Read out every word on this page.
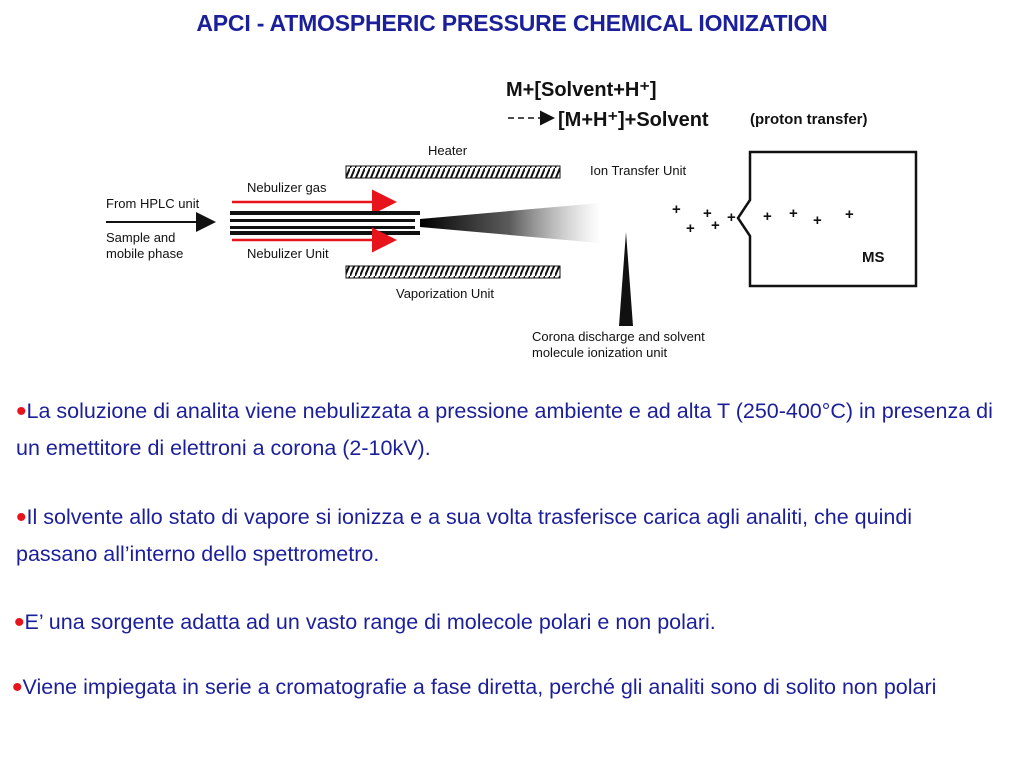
APCI - ATMOSPHERIC PRESSURE CHEMICAL IONIZATION
M+[Solvent+H⁺]
[M+H⁺]+Solvent	(proton transfer)
Heater
Vaporization Unit
Nebulizer gas
Nebulizer Unit
From HPLC unit
Sample and
mobile phase
Corona discharge and solvent
molecule ionization unit
Ion Transfer Unit
MS
+ + +
+ +
+ + + +

•La soluzione di analita viene nebulizzata a pressione ambiente e ad alta T (250-400°C) in presenza di un emettitore di elettroni a corona (2-10kV).

•Il solvente allo stato di vapore si ionizza e a sua volta trasferisce carica agli analiti, che quindi passano all’interno dello spettrometro.

•E’ una sorgente adatta ad un vasto range di molecole polari e non polari.

•Viene impiegata in serie a cromatografie a fase diretta, perché gli analiti sono di solito non polari
